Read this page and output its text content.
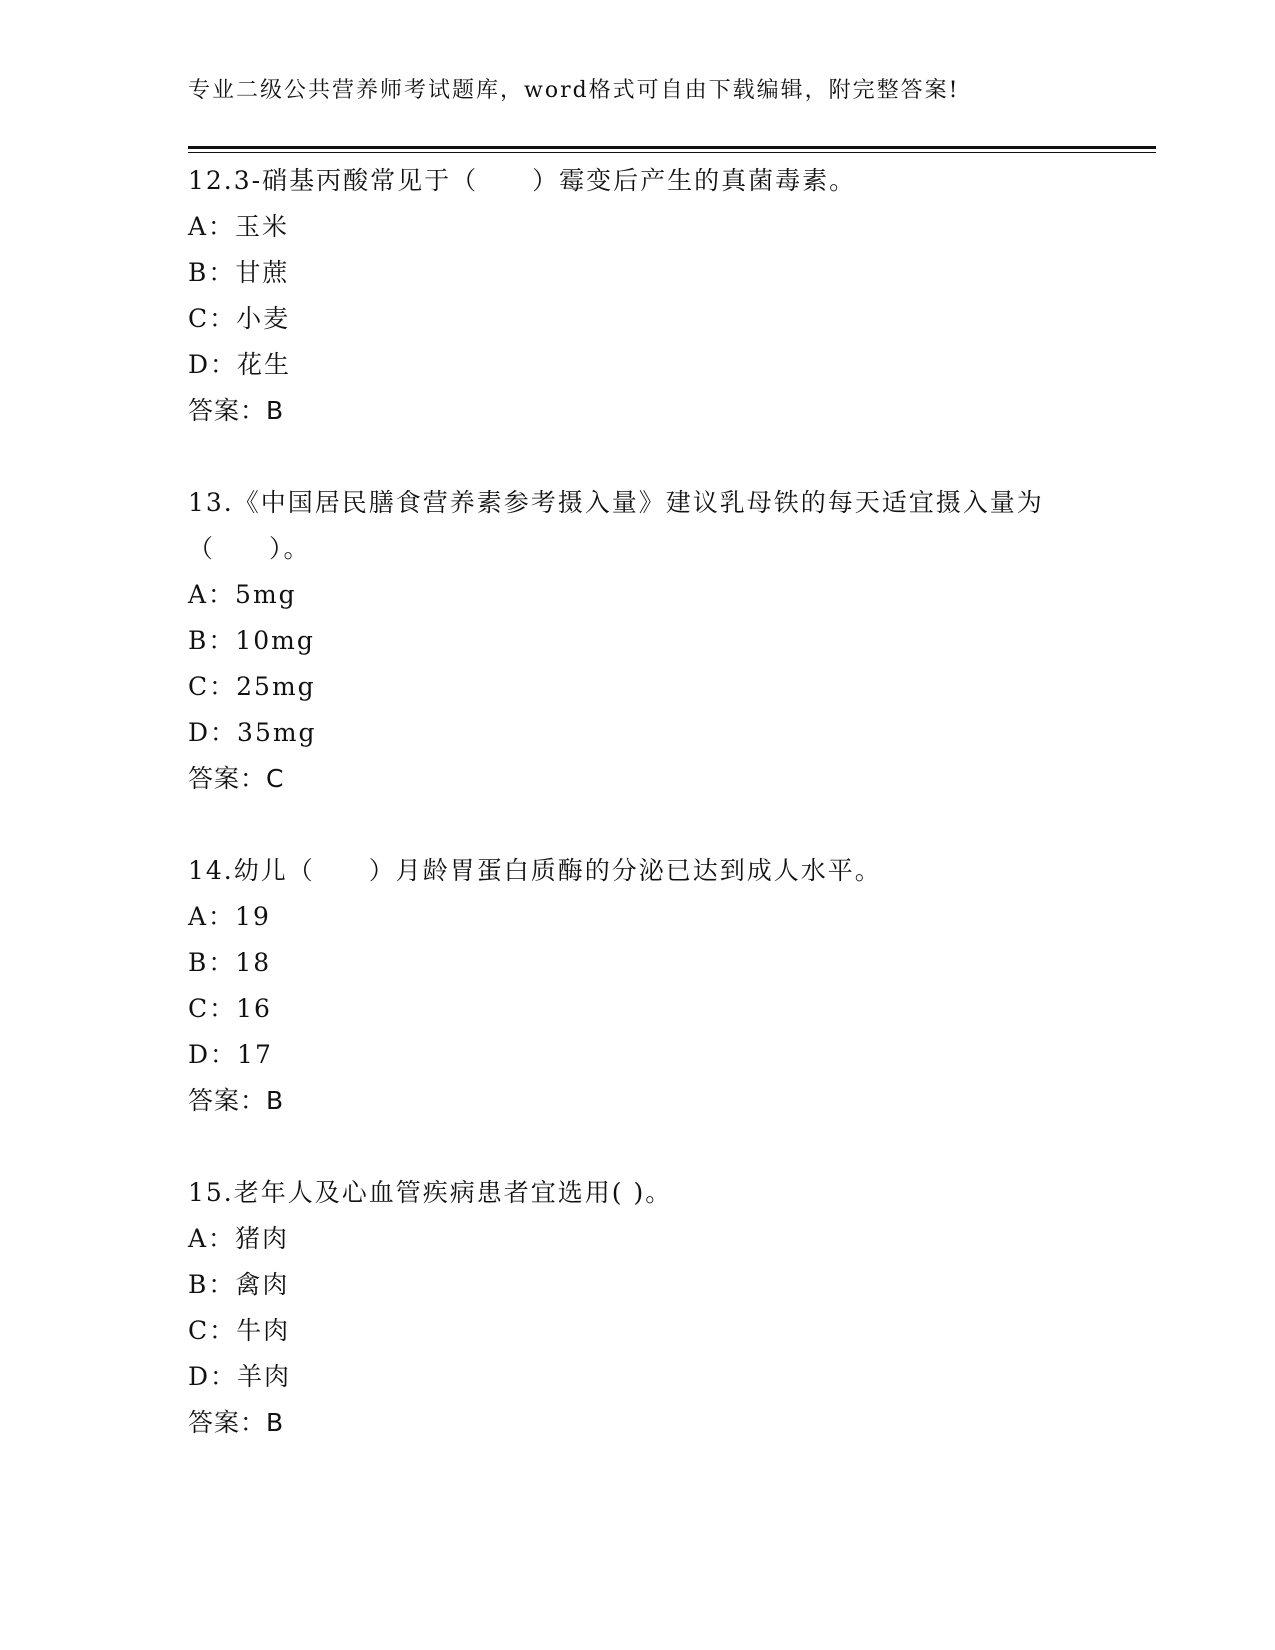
专业二级公共营养师考试题库，word格式可自由下载编辑，附完整答案!

12.3-硝基丙酸常见于（　　）霉变后产生的真菌毒素。

A：玉米

B：甘蔗

C：小麦

D：花生

答案：B

13.《中国居民膳食营养素参考摄入量》建议乳母铁的每天适宜摄入量为（　　）。

A：5mg

B：10mg

C：25mg

D：35mg

答案：C

14.幼儿（　　）月龄胃蛋白质酶的分泌已达到成人水平。

A：19

B：18

C：16

D：17

答案：B

15.老年人及心血管疾病患者宜选用( )。

A：猪肉

B：禽肉

C：牛肉

D：羊肉

答案：B
